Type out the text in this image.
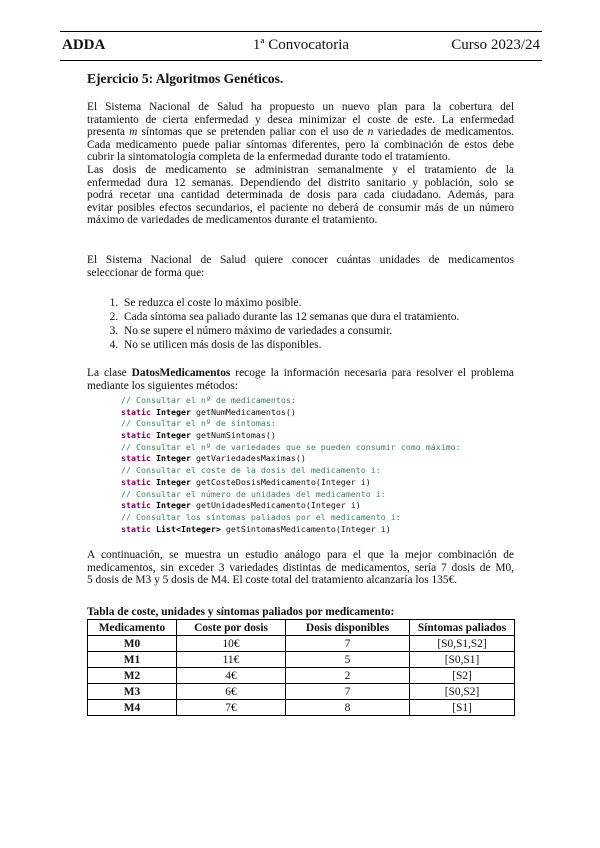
ADDA	1ª Convocatoria	Curso 2023/24
Ejercicio 5: Algoritmos Genéticos.
El Sistema Nacional de Salud ha propuesto un nuevo plan para la cobertura del
tratamiento de cierta enfermedad y desea minimizar el coste de este. La enfermedad
presenta m síntomas que se pretenden paliar con el uso de n variedades de medicamentos.
Cada medicamento puede paliar síntomas diferentes, pero la combinación de estos debe
cubrir la sintomatología completa de la enfermedad durante todo el tratamiento.
Las dosis de medicamento se administran semanalmente y el tratamiento de la
enfermedad dura 12 semanas. Dependiendo del distrito sanitario y población, solo se
podrá recetar una cantidad determinada de dosis para cada ciudadano. Además, para
evitar posibles efectos secundarios, el paciente no deberá de consumir más de un número
máximo de variedades de medicamentos durante el tratamiento.
El Sistema Nacional de Salud quiere conocer cuántas unidades de medicamentos
seleccionar de forma que:
1. Se reduzca el coste lo máximo posible.
2. Cada síntoma sea paliado durante las 12 semanas que dura el tratamiento.
3. No se supere el número máximo de variedades a consumir.
4. No se utilicen más dosis de las disponibles.
La clase DatosMedicamentos recoge la información necesaria para resolver el problema
mediante los siguientes métodos:
// Consultar el nº de medicamentos:
static Integer getNumMedicamentos()
// Consultar el nº de síntomas:
static Integer getNumSintomas()
// Consultar el nº de variedades que se pueden consumir como máximo:
static Integer getVariedadesMaximas()
// Consultar el coste de la dosis del medicamento i:
static Integer getCosteDosisMedicamento(Integer i)
// Consultar el número de unidades del medicamento i:
static Integer getUnidadesMedicamento(Integer i)
// Consultar los síntomas paliados por el medicamento i:
static List<Integer> getSintomasMedicamento(Integer i)
A continuación, se muestra un estudio análogo para el que la mejor combinación de
medicamentos, sin exceder 3 variedades distintas de medicamentos, sería 7 dosis de M0,
5 dosis de M3 y 5 dosis de M4. El coste total del tratamiento alcanzaría los 135€.
Tabla de coste, unidades y síntomas paliados por medicamento:
Medicamento	Coste por dosis	Dosis disponibles	Síntomas paliados
M0	10€	7	[S0,S1,S2]
M1	11€	5	[S0,S1]
M2	4€	2	[S2]
M3	6€	7	[S0,S2]
M4	7€	8	[S1]
